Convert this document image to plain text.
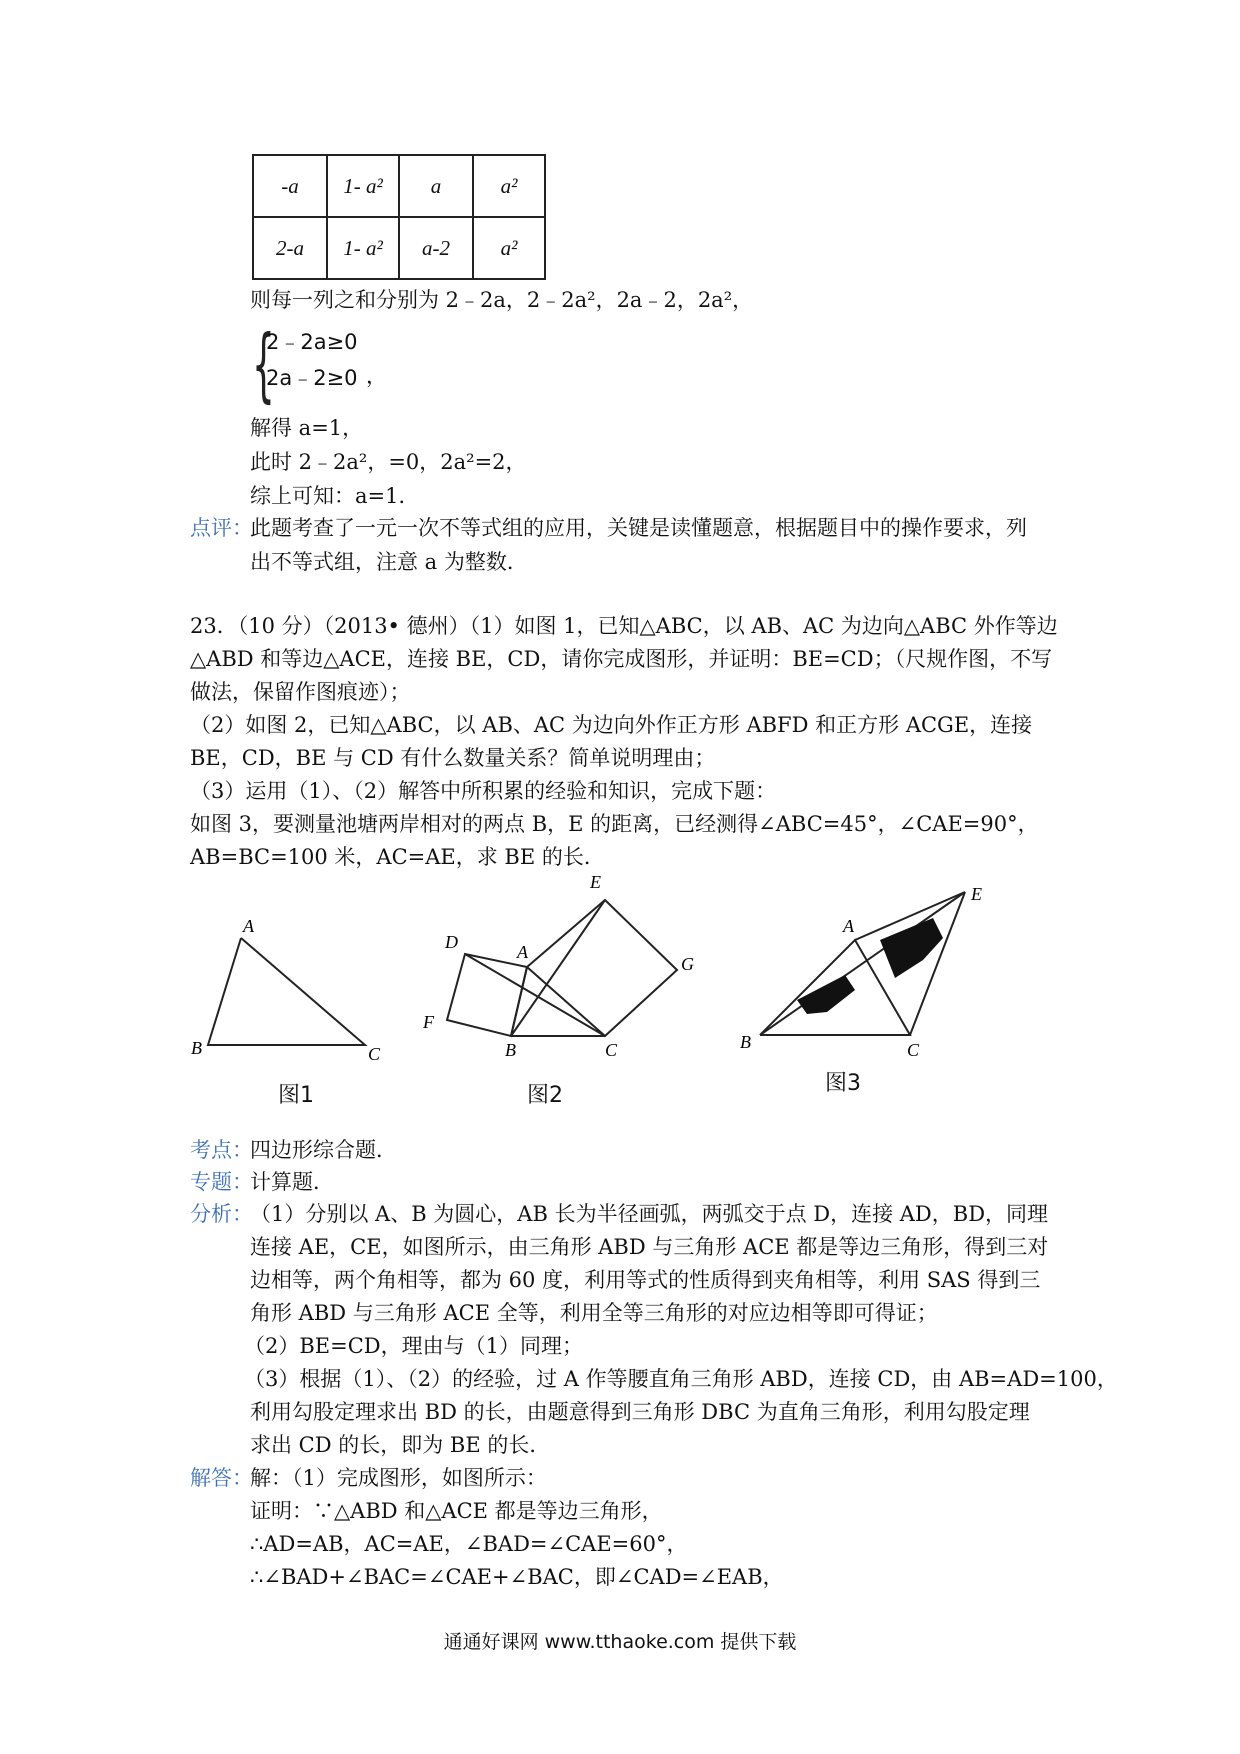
-a	1- a²	a	a²
2-a	1- a²	a-2	a²
则每一列之和分别为 2﹣2a，2﹣2a²，2a﹣2，2a²，
{
2﹣2a≥0
2a﹣2≥0 ，
解得 a=1，
此时 2﹣2a²，=0，2a²=2，
综上可知：a=1．
点评：
此题考查了一元一次不等式组的应用，关键是读懂题意，根据题目中的操作要求，列
出不等式组，注意 a 为整数．
23．（10 分）（2013• 德州）（1）如图 1，已知△ABC，以 AB、AC 为边向△ABC 外作等边
△ABD 和等边△ACE，连接 BE，CD，请你完成图形，并证明：BE=CD；（尺规作图，不写
做法，保留作图痕迹）；
（2）如图 2，已知△ABC，以 AB、AC 为边向外作正方形 ABFD 和正方形 ACGE，连接
BE，CD，BE 与 CD 有什么数量关系？简单说明理由；
（3）运用（1）、（2）解答中所积累的经验和知识，完成下题：
如图 3，要测量池塘两岸相对的两点 B，E 的距离，已经测得∠ABC=45°，∠CAE=90°，
AB=BC=100 米，AC=AE，求 BE 的长．
A
B	C
图1
D	A
E
G
F
B	C
图2
A
E
B	C
图3
考点：
四边形综合题．
专题：
计算题．
分析：
（1）分别以 A、B 为圆心，AB 长为半径画弧，两弧交于点 D，连接 AD，BD，同理
连接 AE，CE，如图所示，由三角形 ABD 与三角形 ACE 都是等边三角形，得到三对
边相等，两个角相等，都为 60 度，利用等式的性质得到夹角相等，利用 SAS 得到三
角形 ABD 与三角形 ACE 全等，利用全等三角形的对应边相等即可得证；
（2）BE=CD，理由与（1）同理；
（3）根据（1）、（2）的经验，过 A 作等腰直角三角形 ABD，连接 CD，由 AB=AD=100，
利用勾股定理求出 BD 的长，由题意得到三角形 DBC 为直角三角形，利用勾股定理
求出 CD 的长，即为 BE 的长．
解答：
解：（1）完成图形，如图所示：
证明：∵△ABD 和△ACE 都是等边三角形，
∴AD=AB，AC=AE，∠BAD=∠CAE=60°，
∴∠BAD+∠BAC=∠CAE+∠BAC，即∠CAD=∠EAB，
通通好课网 www.tthaoke.com 提供下载
